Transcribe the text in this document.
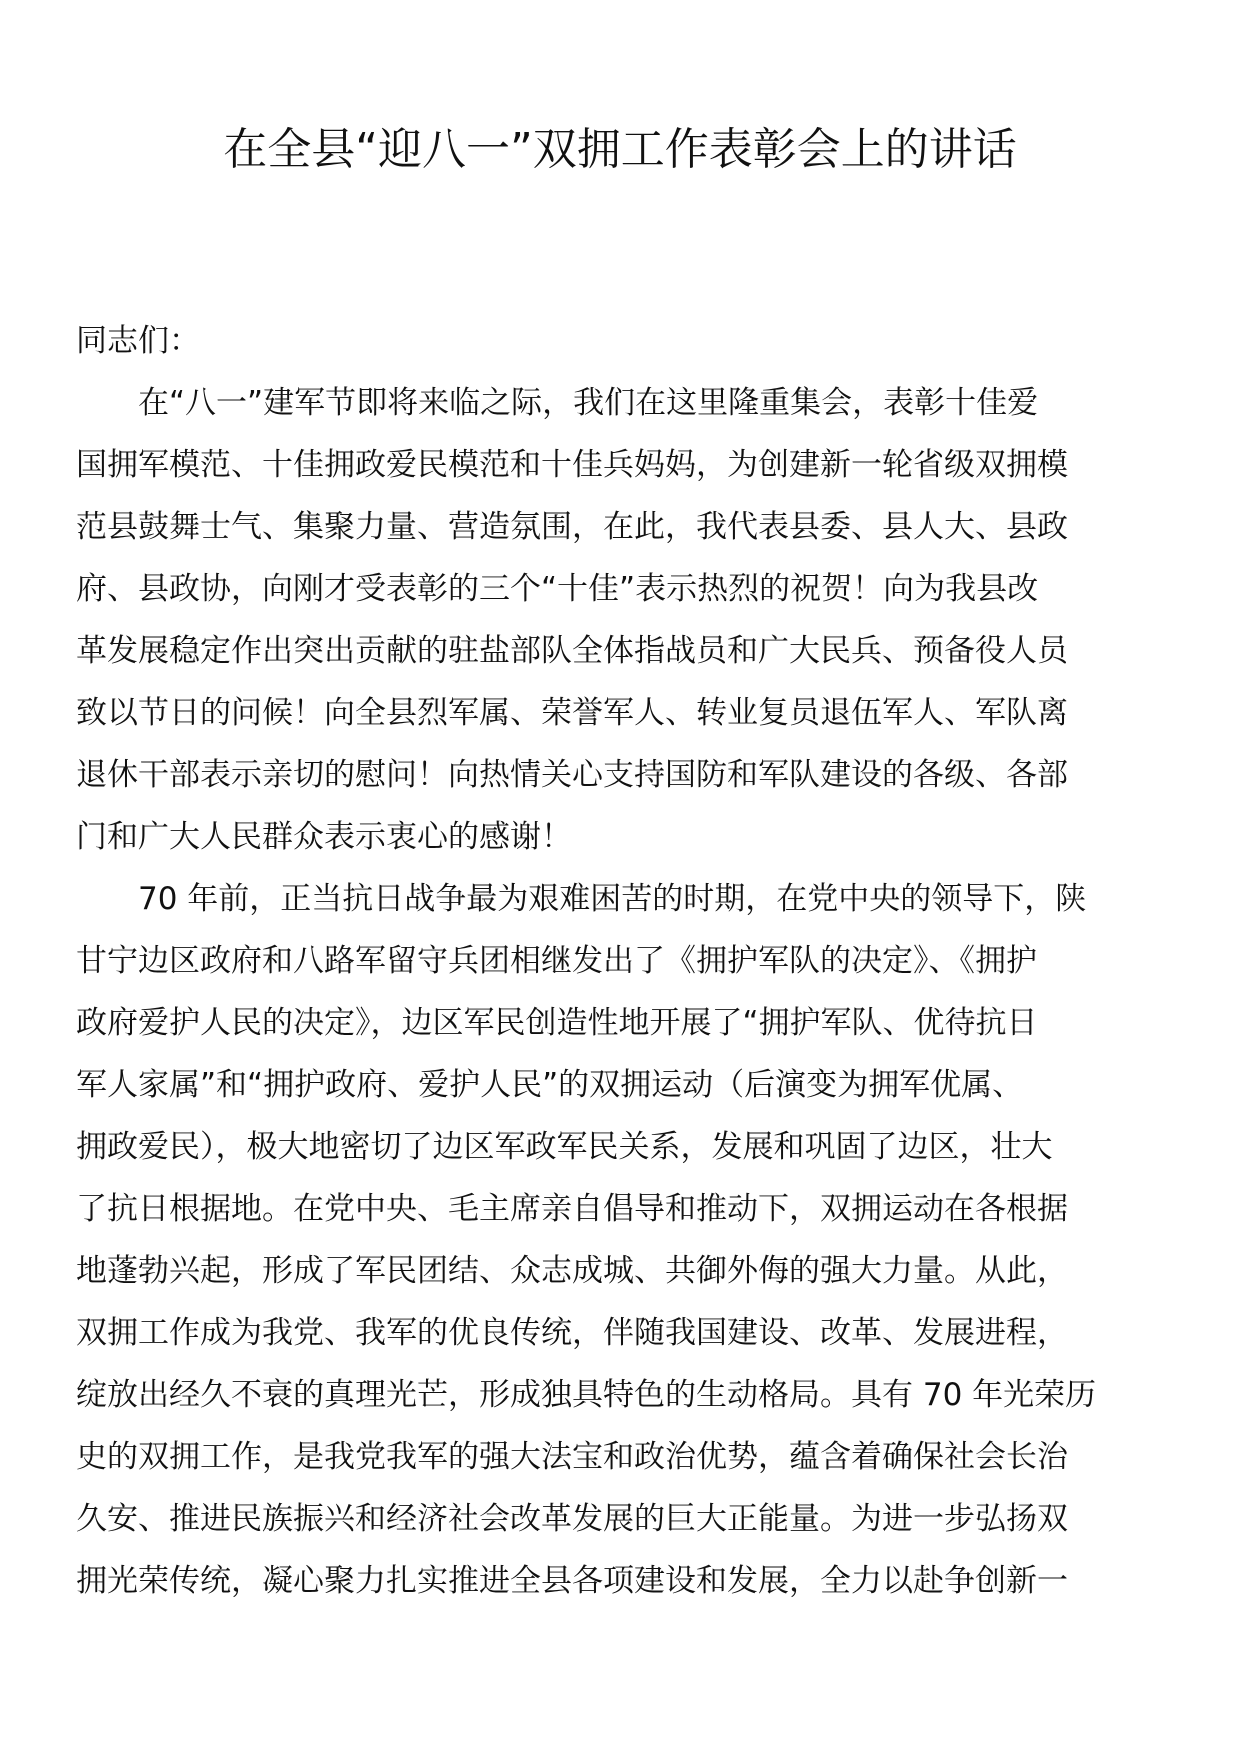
在全县“迎八一”双拥工作表彰会上的讲话

同志们：

在“八一”建军节即将来临之际，我们在这里隆重集会，表彰十佳爱
国拥军模范、十佳拥政爱民模范和十佳兵妈妈，为创建新一轮省级双拥模
范县鼓舞士气、集聚力量、营造氛围，在此，我代表县委、县人大、县政
府、县政协，向刚才受表彰的三个“十佳”表示热烈的祝贺！向为我县改
革发展稳定作出突出贡献的驻盐部队全体指战员和广大民兵、预备役人员
致以节日的问候！向全县烈军属、荣誉军人、转业复员退伍军人、军队离
退休干部表示亲切的慰问！向热情关心支持国防和军队建设的各级、各部
门和广大人民群众表示衷心的感谢！

70 年前，正当抗日战争最为艰难困苦的时期，在党中央的领导下，陕
甘宁边区政府和八路军留守兵团相继发出了《拥护军队的决定》、《拥护
政府爱护人民的决定》，边区军民创造性地开展了“拥护军队、优待抗日
军人家属”和“拥护政府、爱护人民”的双拥运动（后演变为拥军优属、
拥政爱民），极大地密切了边区军政军民关系，发展和巩固了边区，壮大
了抗日根据地。在党中央、毛主席亲自倡导和推动下，双拥运动在各根据
地蓬勃兴起，形成了军民团结、众志成城、共御外侮的强大力量。从此，
双拥工作成为我党、我军的优良传统，伴随我国建设、改革、发展进程，
绽放出经久不衰的真理光芒，形成独具特色的生动格局。具有 70 年光荣历
史的双拥工作，是我党我军的强大法宝和政治优势，蕴含着确保社会长治
久安、推进民族振兴和经济社会改革发展的巨大正能量。为进一步弘扬双
拥光荣传统，凝心聚力扎实推进全县各项建设和发展，全力以赴争创新一
